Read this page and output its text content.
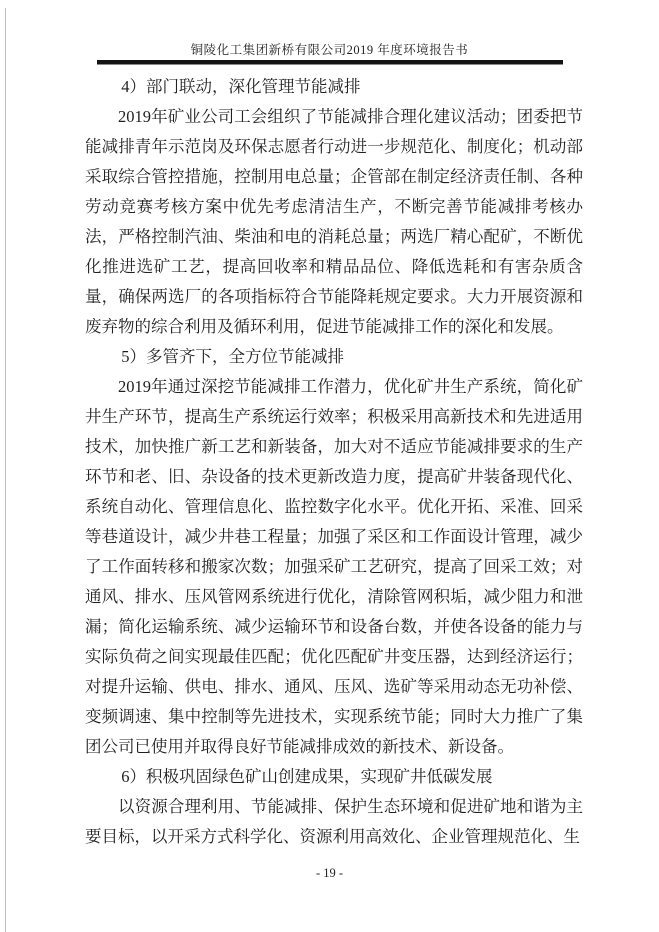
铜陵化工集团新桥有限公司2019 年度环境报告书

4）部门联动，深化管理节能减排

2019年矿业公司工会组织了节能减排合理化建议活动；团委把节能减排青年示范岗及环保志愿者行动进一步规范化、制度化；机动部采取综合管控措施，控制用电总量；企管部在制定经济责任制、各种劳动竞赛考核方案中优先考虑清洁生产，不断完善节能减排考核办法，严格控制汽油、柴油和电的消耗总量；两选厂精心配矿，不断优化推进选矿工艺，提高回收率和精品品位、降低选耗和有害杂质含量，确保两选厂的各项指标符合节能降耗规定要求。大力开展资源和废弃物的综合利用及循环利用，促进节能减排工作的深化和发展。

5）多管齐下，全方位节能减排

2019年通过深挖节能减排工作潜力，优化矿井生产系统，简化矿井生产环节，提高生产系统运行效率；积极采用高新技术和先进适用技术，加快推广新工艺和新装备，加大对不适应节能减排要求的生产环节和老、旧、杂设备的技术更新改造力度，提高矿井装备现代化、系统自动化、管理信息化、监控数字化水平。优化开拓、采准、回采等巷道设计，减少井巷工程量；加强了采区和工作面设计管理，减少了工作面转移和搬家次数；加强采矿工艺研究，提高了回采工效；对通风、排水、压风管网系统进行优化，清除管网积垢，减少阻力和泄漏；简化运输系统、减少运输环节和设备台数，并使各设备的能力与实际负荷之间实现最佳匹配；优化匹配矿井变压器，达到经济运行；对提升运输、供电、排水、通风、压风、选矿等采用动态无功补偿、变频调速、集中控制等先进技术，实现系统节能；同时大力推广了集团公司已使用并取得良好节能减排成效的新技术、新设备。

6）积极巩固绿色矿山创建成果，实现矿井低碳发展

以资源合理利用、节能减排、保护生态环境和促进矿地和谐为主要目标，以开采方式科学化、资源利用高效化、企业管理规范化、生

- 19 -
